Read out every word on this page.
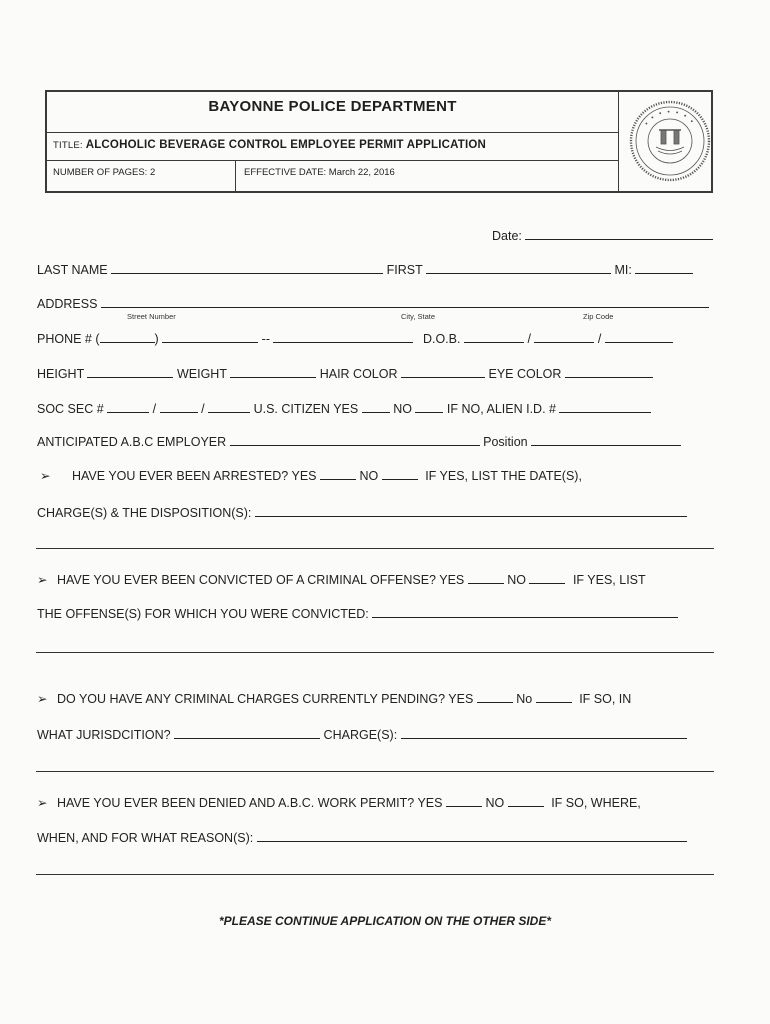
BAYONNE POLICE DEPARTMENT
TITLE: ALCOHOLIC BEVERAGE CONTROL EMPLOYEE PERMIT APPLICATION
NUMBER OF PAGES: 2	EFFECTIVE DATE: March 22, 2016
• • • • • • •
Date:
LAST NAME	FIRST	MI:
ADDRESS
Street Number	City, State	Zip Code
PHONE # (	)	--	D.O.B.	/	/
HEIGHT	WEIGHT	HAIR COLOR	EYE COLOR
SOC SEC #	/	/	U.S. CITIZEN YES	NO	IF NO, ALIEN I.D. #
ANTICIPATED A.B.C EMPLOYER	Position
➢ HAVE YOU EVER BEEN ARRESTED? YES	NO	IF YES, LIST THE DATE(S),
CHARGE(S) & THE DISPOSITION(S):
➢ HAVE YOU EVER BEEN CONVICTED OF A CRIMINAL OFFENSE? YES	NO	IF YES, LIST
THE OFFENSE(S) FOR WHICH YOU WERE CONVICTED:
➢ DO YOU HAVE ANY CRIMINAL CHARGES CURRENTLY PENDING? YES	No	IF SO, IN
WHAT JURISDCITION?	CHARGE(S):
➢ HAVE YOU EVER BEEN DENIED AND A.B.C. WORK PERMIT? YES	NO	IF SO, WHERE,
WHEN, AND FOR WHAT REASON(S):
*PLEASE CONTINUE APPLICATION ON THE OTHER SIDE*
